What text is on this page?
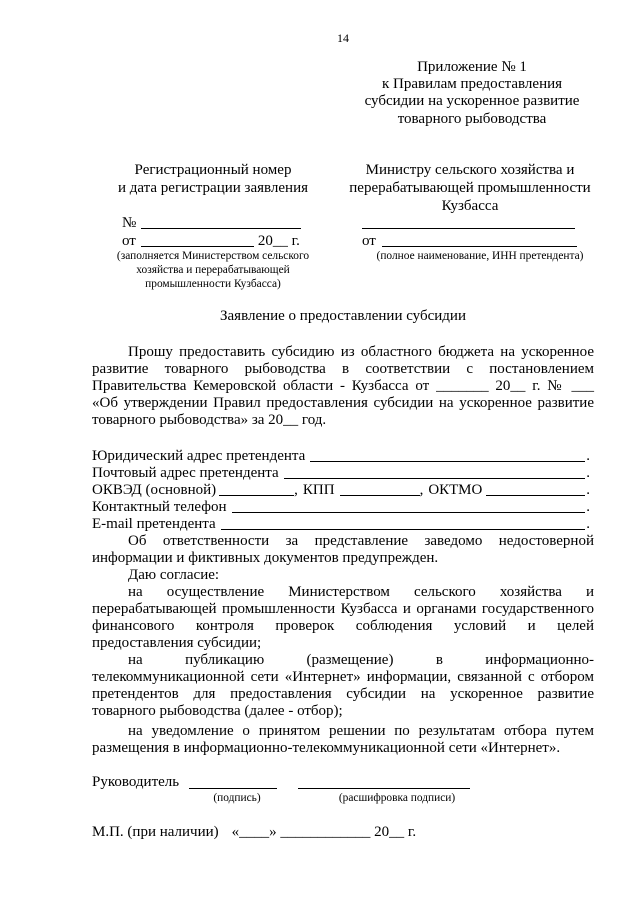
14
Приложение № 1
к Правилам предоставления
субсидии на ускоренное развитие
товарного рыбоводства
Регистрационный номер
и дата регистрации заявления
Министру сельского хозяйства и
перерабатывающей промышленности
Кузбасса
№
от	20__ г.	от
(заполняется Министерством сельского
хозяйства и перерабатывающей
промышленности Кузбасса)
(полное наименование, ИНН претендента)
Заявление о предоставлении субсидии
Прошу предоставить субсидию из областного бюджета на ускоренное
развитие товарного рыбоводства в соответствии с постановлением
Правительства Кемеровской области - Кузбасса от _______ 20__ г. № ___
«Об утверждении Правил предоставления субсидии на ускоренное развитие
товарного рыбоводства» за 20__ год.
Юридический адрес претендента	.
Почтовый адрес претендента	.
ОКВЭД (основной)	, КПП	, ОКТМО	.
Контактный телефон	.
E-mail претендента	.
Об ответственности за представление заведомо недостоверной
информации и фиктивных документов предупрежден.
Даю согласие:
на осуществление Министерством сельского хозяйства и
перерабатывающей промышленности Кузбасса и органами государственного
финансового контроля проверок соблюдения условий и целей
предоставления субсидии;
на публикацию (размещение) в информационно-
телекоммуникационной сети «Интернет» информации, связанной с отбором
претендентов для предоставления субсидии на ускоренное развитие
товарного рыбоводства (далее - отбор);
на уведомление о принятом решении по результатам отбора путем
размещения в информационно-телекоммуникационной сети «Интернет».
Руководитель
(подпись)	(расшифровка подписи)
М.П. (при наличии) «____» ____________ 20__ г.
